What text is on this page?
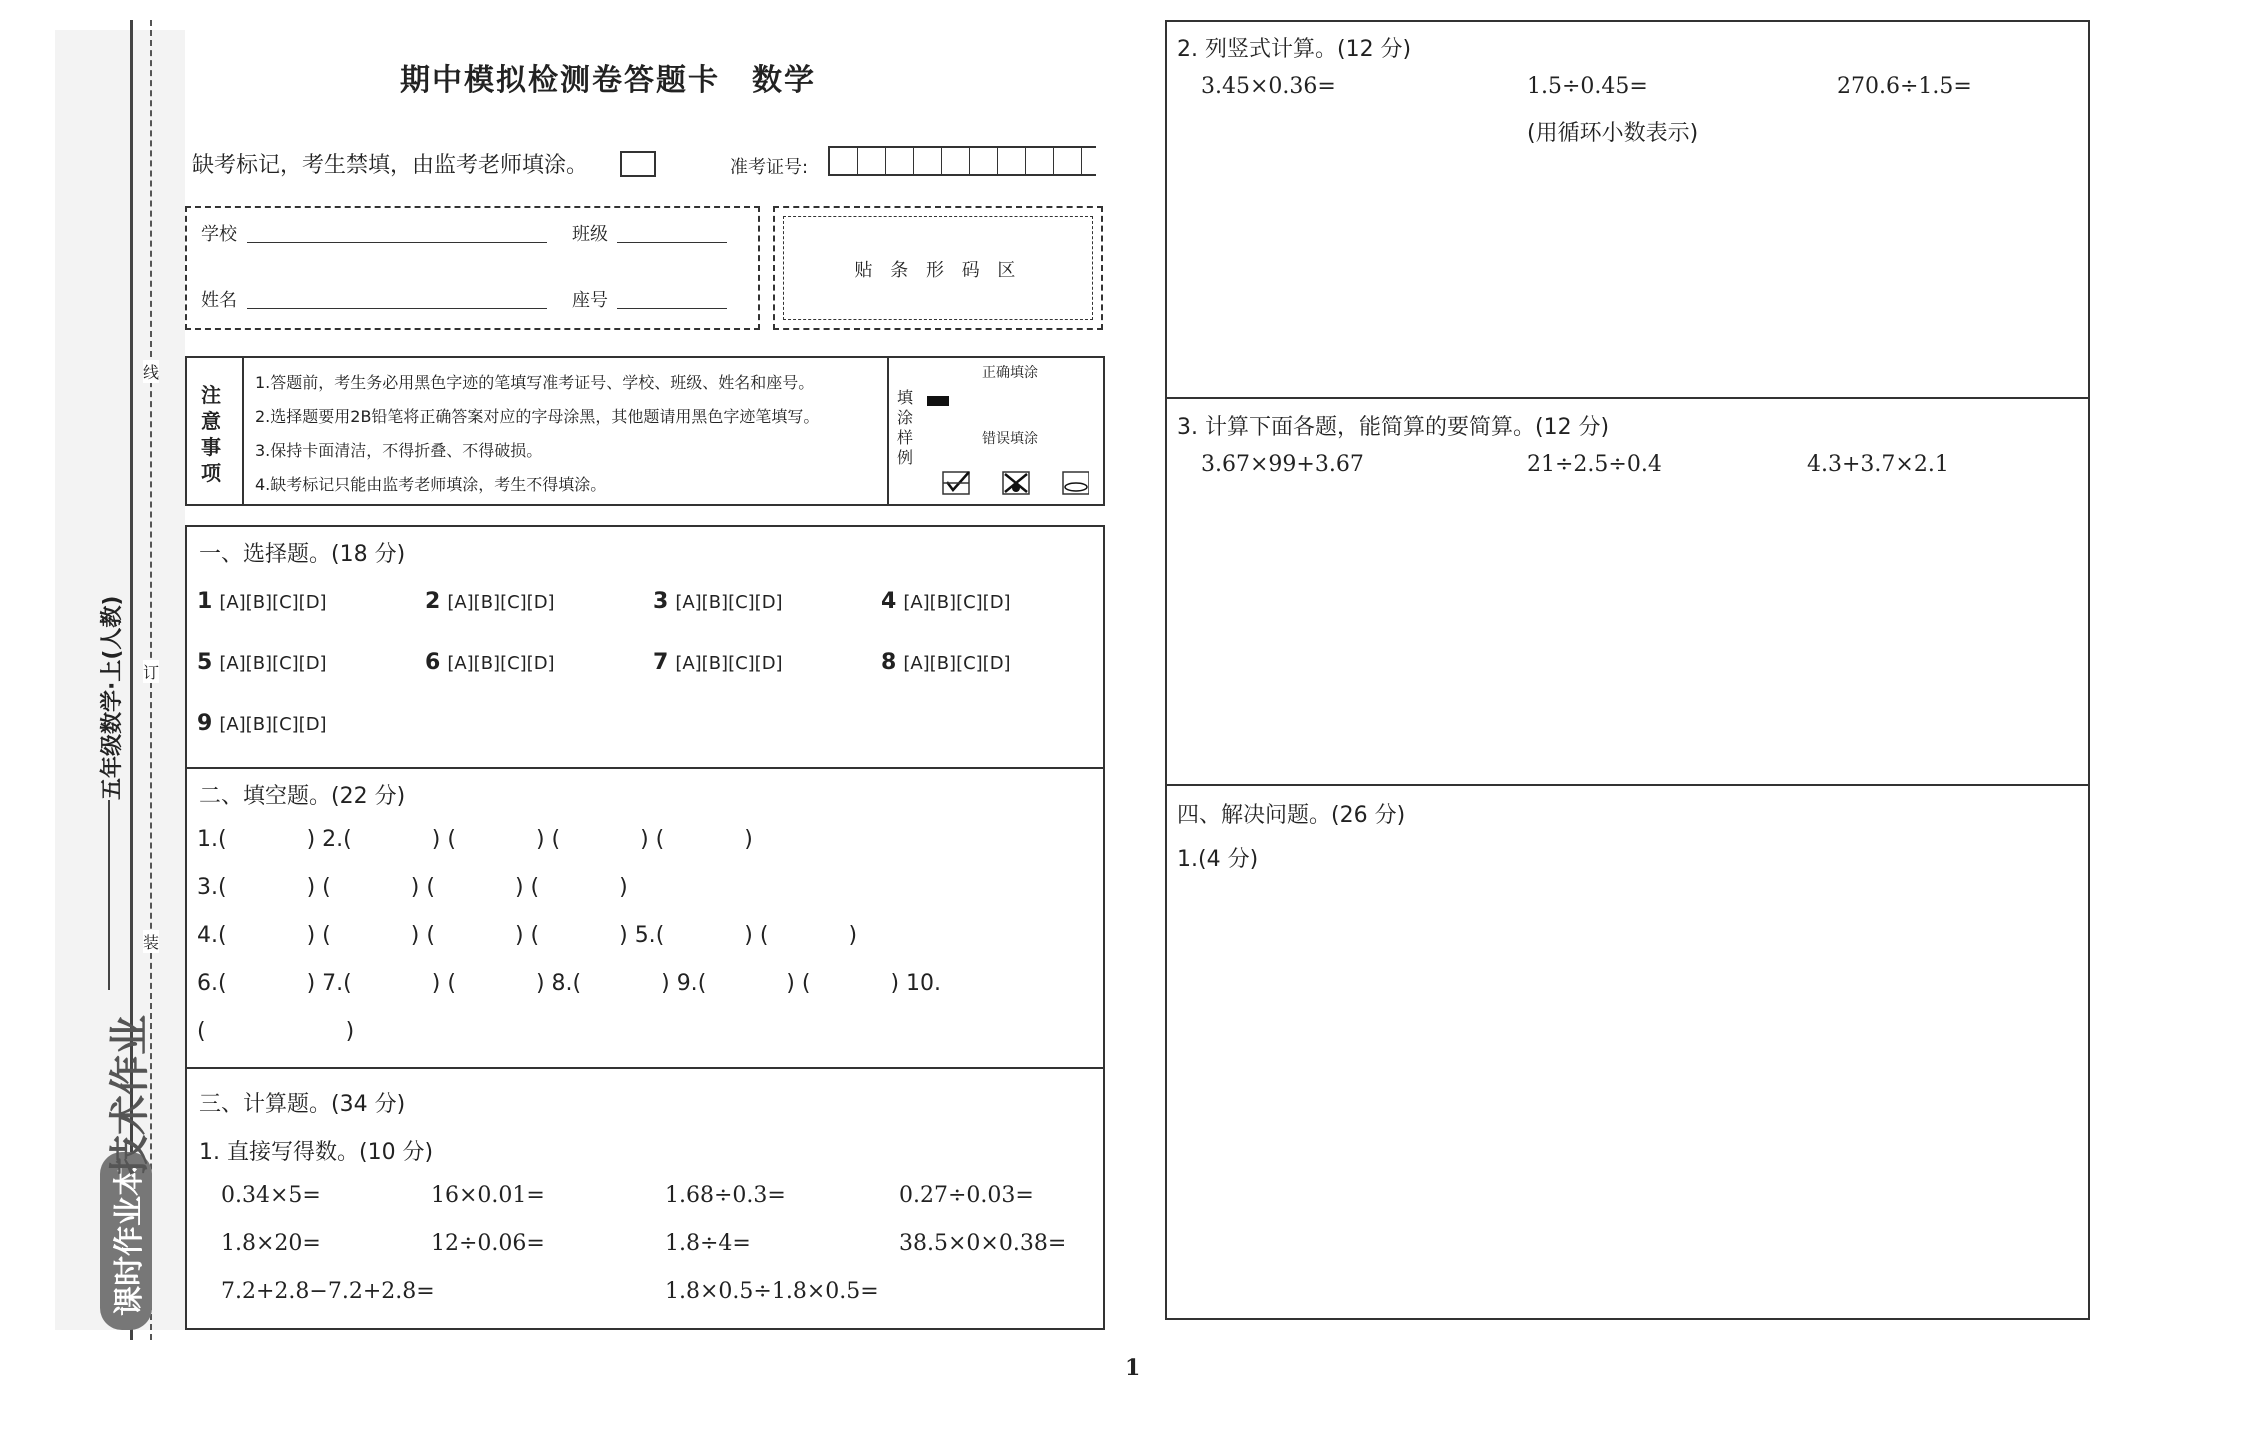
线
订
装
五年级数学·上(人教)
课时作业本
技术作业
期中模拟检测卷答题卡　数学
缺考标记，考生禁填，由监考老师填涂。	准考证号:
学校	班级
姓名	座号
贴 条 形 码 区
注意事项
1.答题前，考生务必用黑色字迹的笔填写准考证号、学校、班级、姓名和座号。
2.选择题要用2B铅笔将正确答案对应的字母涂黑，其他题请用黑色字迹笔填写。
3.保持卡面清洁，不得折叠、不得破损。
4.缺考标记只能由监考老师填涂，考生不得填涂。
填涂样例
正确填涂
错误填涂
一、选择题。(18 分)
1 [A][B][C][D]	2 [A][B][C][D]	3 [A][B][C][D]	4 [A][B][C][D]
5 [A][B][C][D]	6 [A][B][C][D]	7 [A][B][C][D]	8 [A][B][C][D]
9 [A][B][C][D]
二、填空题。(22 分)
1.(	) 2.(	) (	) (	) (	)
3.(	) (	) (	) (	)
4.(	) (	) (	) (	) 5.(	) (	)
6.(	) 7.(	) (	) 8.(	) 9.(	) (	) 10.
(	)
三、计算题。(34 分)
1. 直接写得数。(10 分)
0.34×5=	16×0.01=	1.68÷0.3=	0.27÷0.03=
1.8×20=	12÷0.06=	1.8÷4=	38.5×0×0.38=
7.2+2.8−7.2+2.8=	1.8×0.5÷1.8×0.5=
2. 列竖式计算。(12 分)
3.45×0.36=	1.5÷0.45=	270.6÷1.5=
(用循环小数表示)
3. 计算下面各题，能简算的要简算。(12 分)
3.67×99+3.67	21÷2.5÷0.4	4.3+3.7×2.1
四、解决问题。(26 分)
1.(4 分)
1
